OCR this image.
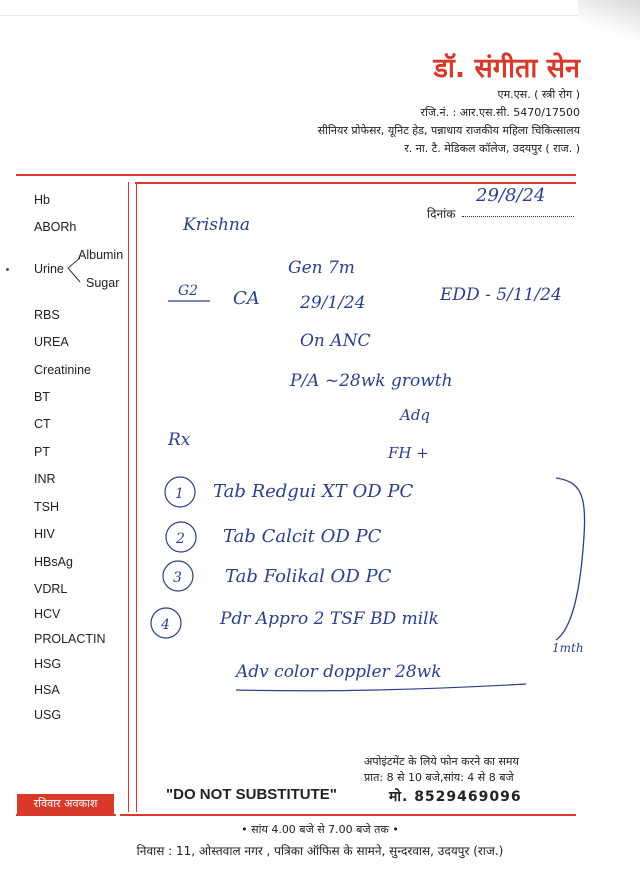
डॉ. संगीता सेन
एम.एस. ( स्त्री रोग )
रजि.नं. : आर.एस.सी. 5470/17500
सीनियर प्रोफेसर, यूनिट हेड, पन्नाधाय राजकीय महिला चिकित्सालय
र. ना. टै. मेडिकल कॉलेज, उदयपुर ( राज. )
Hb
ABORh
Urine
Albumin
Sugar
RBS
UREA
Creatinine
BT
CT
PT
INR
TSH
HIV
HBsAg
VDRL
HCV
PROLACTIN
HSG
HSA
USG
दिनांक
Krishna
29/8/24
Gen 7m
G2 CA 29/1/24	EDD - 5/11/24
On ANC
P/A ~28wk growth
Adq
FH +
Rx
1 Tab Redgui XT OD PC
2 Tab Calcit OD PC
3 Tab Folikal OD PC
4	Pdr Appro 2 TSF BD milk
1mth
Adv color doppler 28wk
अपोइंटमेंट के लिये फोन करने का समय
प्रात: 8 से 10 बजे,सांय: 4 से 8 बजे
"DO NOT SUBSTITUTE"	मो. 8529469096
रविवार अवकाश
• सांय 4.00 बजे से 7.00 बजे तक •
निवास : 11, ओस्तवाल नगर , पत्रिका ऑफिस के सामने, सुन्दरवास, उदयपुर (राज.)
